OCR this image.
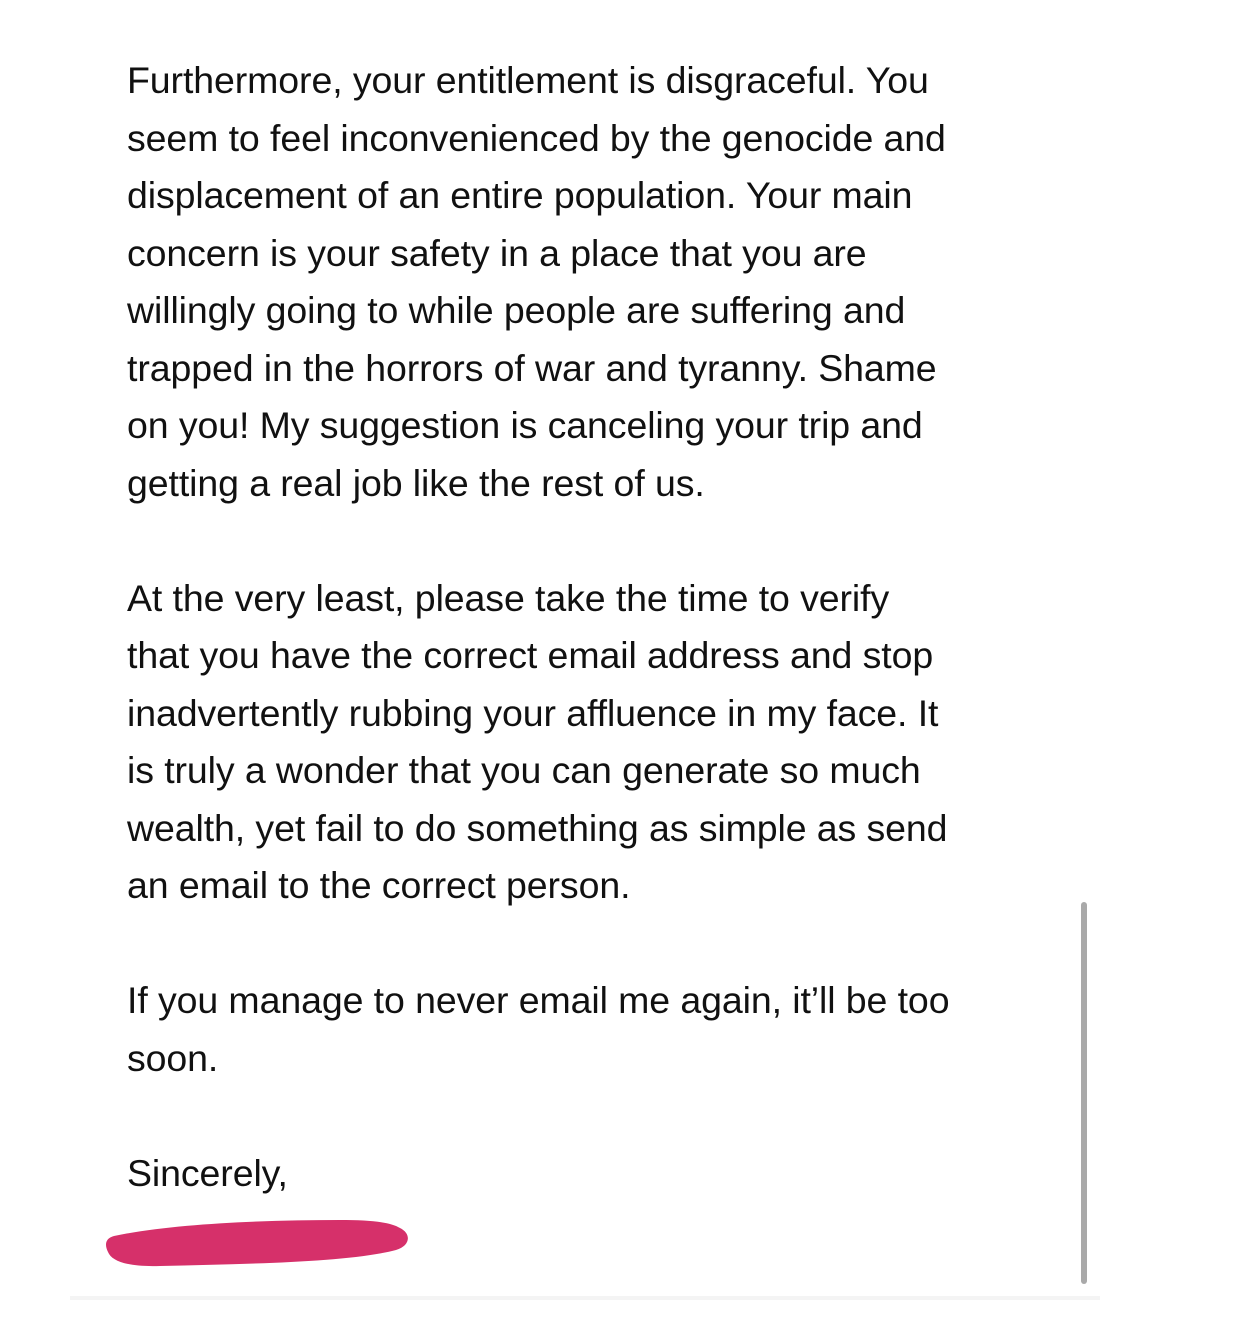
Furthermore, your entitlement is disgraceful. You
seem to feel inconvenienced by the genocide and
displacement of an entire population. Your main
concern is your safety in a place that you are
willingly going to while people are suffering and
trapped in the horrors of war and tyranny. Shame
on you! My suggestion is canceling your trip and
getting a real job like the rest of us.

At the very least, please take the time to verify
that you have the correct email address and stop
inadvertently rubbing your affluence in my face. It
is truly a wonder that you can generate so much
wealth, yet fail to do something as simple as send
an email to the correct person.

If you manage to never email me again, it’ll be too
soon.

Sincerely,
